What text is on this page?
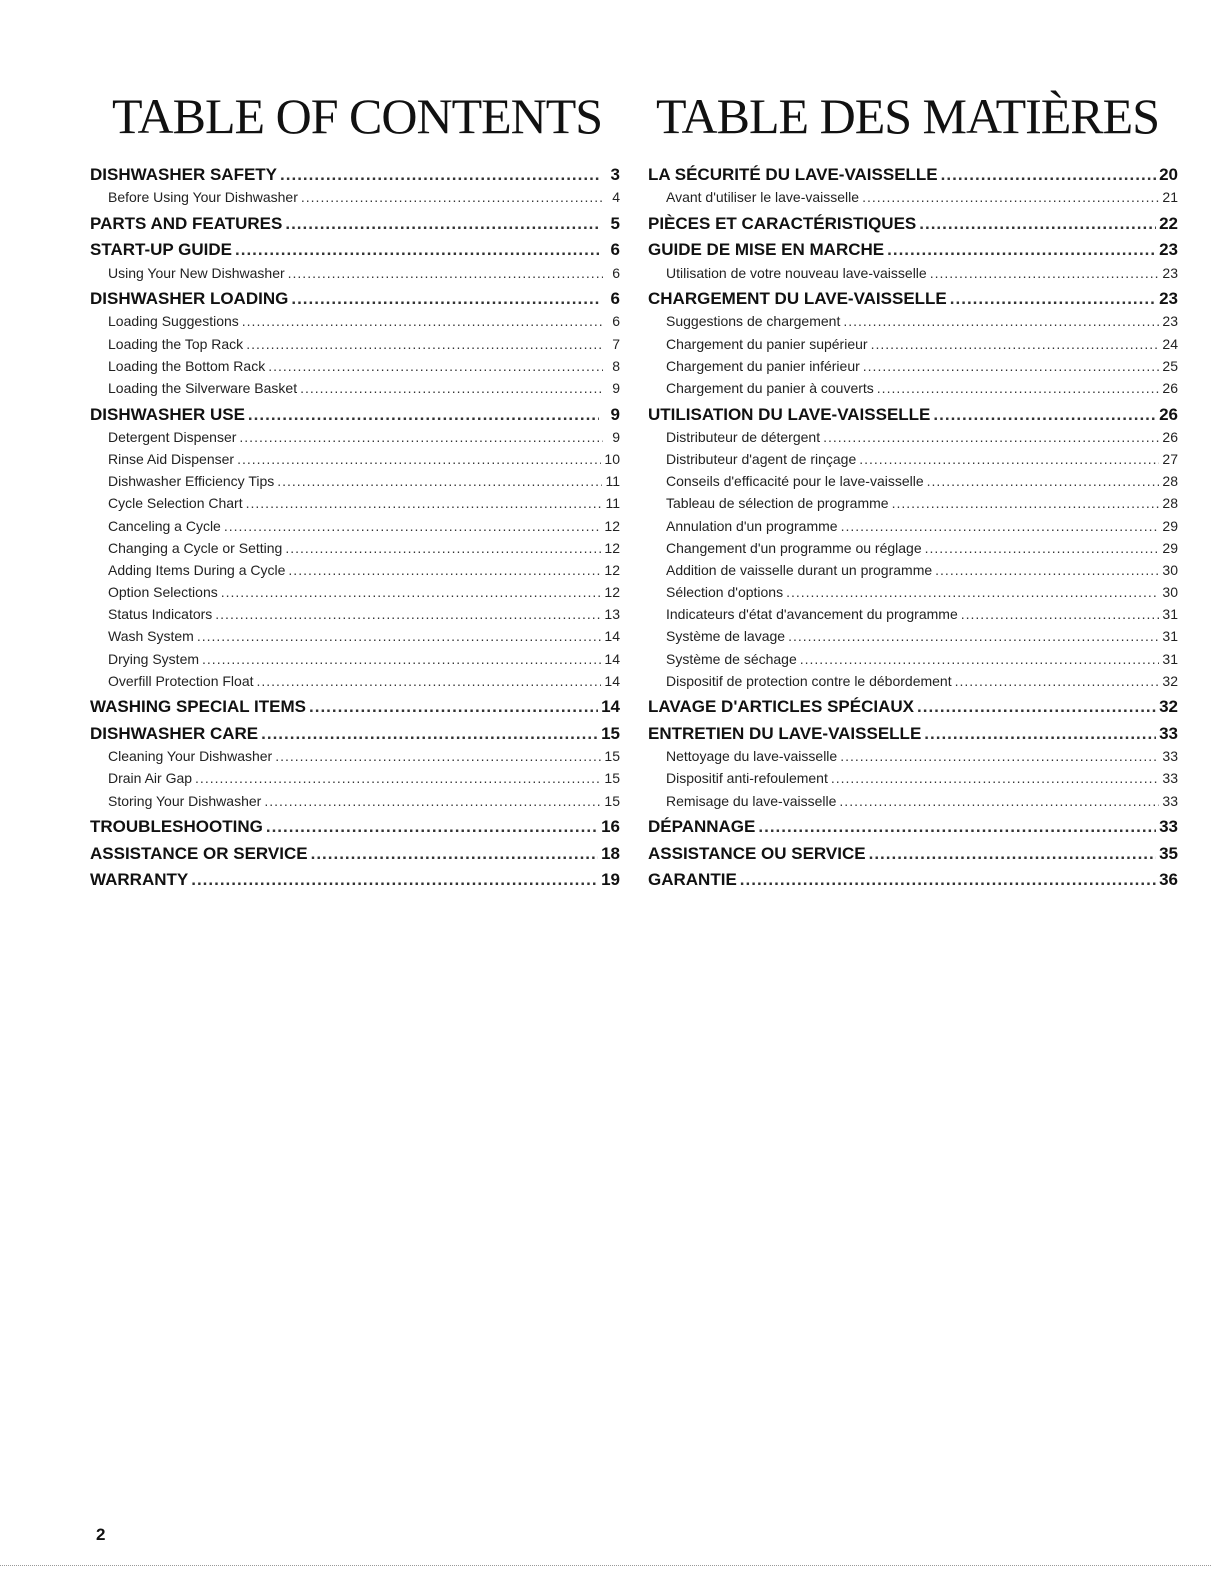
TABLE OF CONTENTS
DISHWASHER SAFETY .....	3
Before Using Your Dishwasher .....	4
PARTS AND FEATURES .....	5
START-UP GUIDE .....	6
Using Your New Dishwasher .....	6
DISHWASHER LOADING .....	6
Loading Suggestions .....	6
Loading the Top Rack .....	7
Loading the Bottom Rack .....	8
Loading the Silverware Basket .....	9
DISHWASHER USE .....	9
Detergent Dispenser .....	9
Rinse Aid Dispenser .....	10
Dishwasher Efficiency Tips .....	11
Cycle Selection Chart .....	11
Canceling a Cycle .....	12
Changing a Cycle or Setting .....	12
Adding Items During a Cycle .....	12
Option Selections .....	12
Status Indicators .....	13
Wash System .....	14
Drying System .....	14
Overfill Protection Float .....	14
WASHING SPECIAL ITEMS .....	14
DISHWASHER CARE .....	15
Cleaning Your Dishwasher .....	15
Drain Air Gap .....	15
Storing Your Dishwasher .....	15
TROUBLESHOOTING .....	16
ASSISTANCE OR SERVICE .....	18
WARRANTY .....	19
TABLE DES MATIÈRES
LA SÉCURITÉ DU LAVE-VAISSELLE .....	20
Avant d'utiliser le lave-vaisselle .....	21
PIÈCES ET CARACTÉRISTIQUES .....	22
GUIDE DE MISE EN MARCHE .....	23
Utilisation de votre nouveau lave-vaisselle .....	23
CHARGEMENT DU LAVE-VAISSELLE .....	23
Suggestions de chargement .....	23
Chargement du panier supérieur .....	24
Chargement du panier inférieur .....	25
Chargement du panier à couverts .....	26
UTILISATION DU LAVE-VAISSELLE .....	26
Distributeur de détergent .....	26
Distributeur d'agent de rinçage .....	27
Conseils d'efficacité pour le lave-vaisselle .....	28
Tableau de sélection de programme .....	28
Annulation d'un programme .....	29
Changement d'un programme ou réglage .....	29
Addition de vaisselle durant un programme .....	30
Sélection d'options .....	30
Indicateurs d'état d'avancement du programme .....	31
Système de lavage .....	31
Système de séchage .....	31
Dispositif de protection contre le débordement .....	32
LAVAGE D'ARTICLES SPÉCIAUX .....	32
ENTRETIEN DU LAVE-VAISSELLE .....	33
Nettoyage du lave-vaisselle .....	33
Dispositif anti-refoulement .....	33
Remisage du lave-vaisselle .....	33
DÉPANNAGE .....	33
ASSISTANCE OU SERVICE .....	35
GARANTIE .....	36
2
